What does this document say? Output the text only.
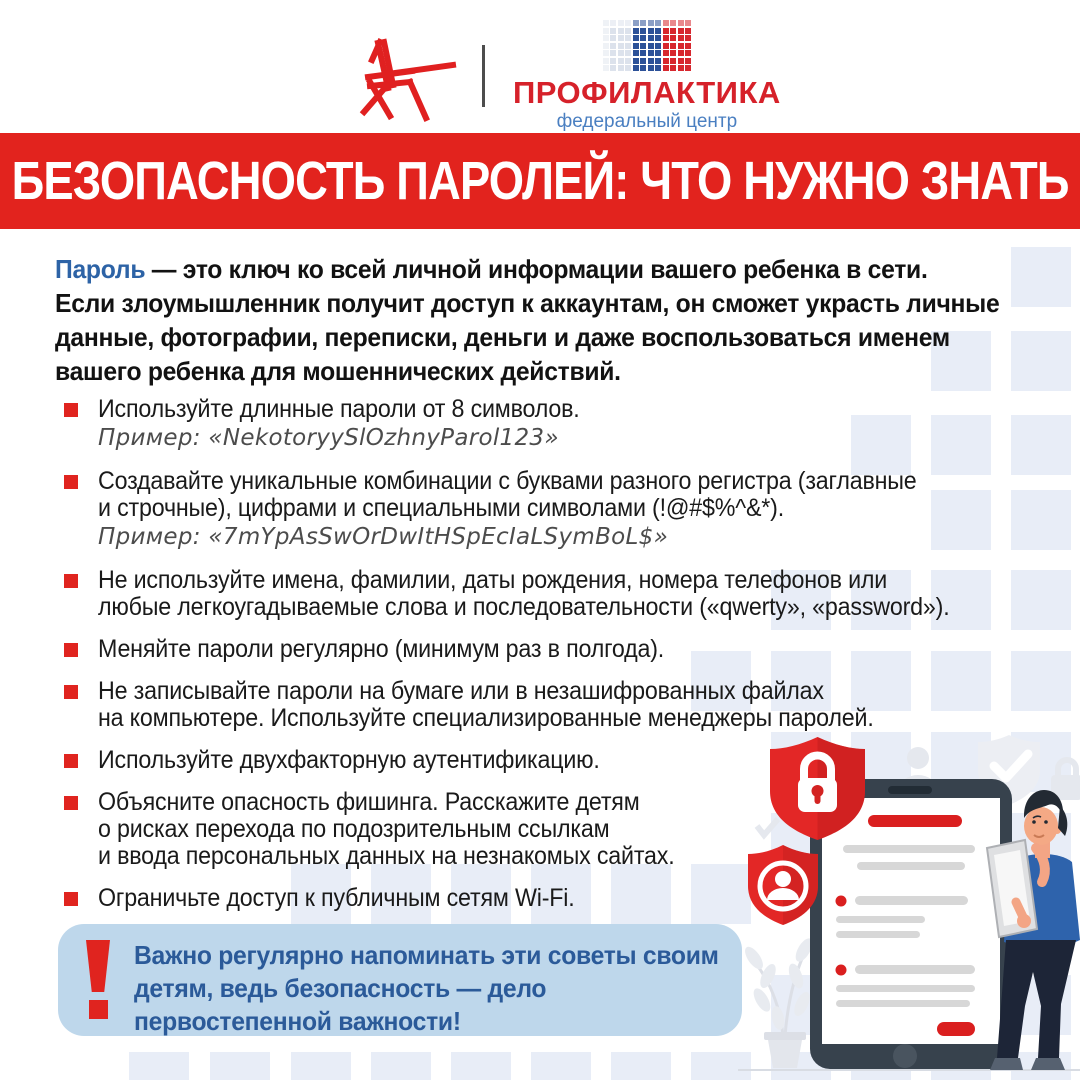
ПРОФИЛАКТИКА
федеральный центр
БЕЗОПАСНОСТЬ ПАРОЛЕЙ: ЧТО НУЖНО ЗНАТЬ
Пароль — это ключ ко всей личной информации вашего ребенка в сети.
Если злоумышленник получит доступ к аккаунтам, он сможет украсть личные
данные, фотографии, переписки, деньги и даже воспользоваться именем
вашего ребенка для мошеннических действий.
Используйте длинные пароли от 8 символов.
Пример: «NekotoryySlOzhnyParol123»
Создавайте уникальные комбинации с буквами разного регистра (заглавные
и строчные), цифрами и специальными символами (!@#$%^&*).
Пример: «7mYpAsSwOrDwItHSpEcIaLSymBoL$»
Не используйте имена, фамилии, даты рождения, номера телефонов или
любые легкоугадываемые слова и последовательности («qwerty», «password»).
Меняйте пароли регулярно (минимум раз в полгода).
Не записывайте пароли на бумаге или в незашифрованных файлах
на компьютере. Используйте специализированные менеджеры паролей.
Используйте двухфакторную аутентификацию.
Объясните опасность фишинга. Расскажите детям
о рисках перехода по подозрительным ссылкам
и ввода персональных данных на незнакомых сайтах.
Ограничьте доступ к публичным сетям Wi-Fi.
Важно регулярно напоминать эти советы своим
детям, ведь безопасность — дело
первостепенной важности!
